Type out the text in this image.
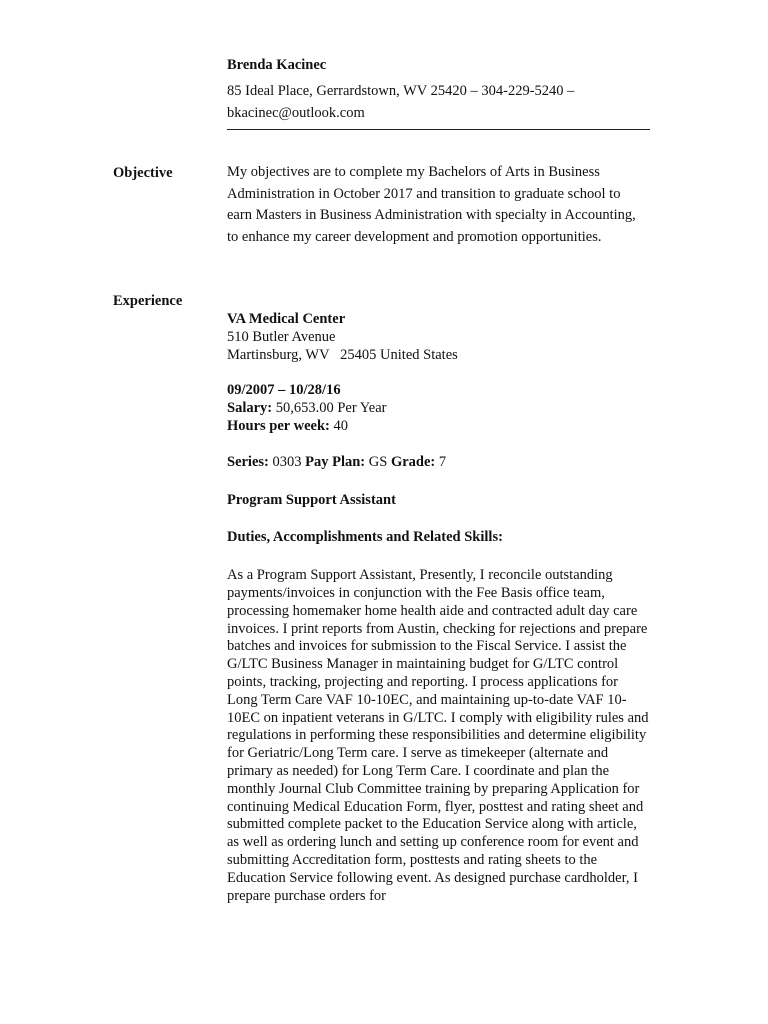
Brenda Kacinec

85 Ideal Place, Gerrardstown, WV 25420 – 304-229-5240 –

bkacinec@outlook.com

Objective	My objectives are to complete my Bachelors of Arts in Business Administration in October 2017 and transition to graduate school to earn Masters in Business Administration with specialty in Accounting, to enhance my career development and promotion opportunities.

Experience

VA Medical Center

510 Butler Avenue

Martinsburg, WV   25405 United States

09/2007 – 10/28/16

Salary: 50,653.00 Per Year

Hours per week: 40

Series: 0303 Pay Plan: GS Grade: 7

Program Support Assistant

Duties, Accomplishments and Related Skills:

As a Program Support Assistant, Presently, I reconcile outstanding payments/invoices in conjunction with the Fee Basis office team, processing homemaker home health aide and contracted adult day care invoices. I print reports from Austin, checking for rejections and prepare batches and invoices for submission to the Fiscal Service. I assist the G/LTC Business Manager in maintaining budget for G/LTC control points, tracking, projecting and reporting. I process applications for Long Term Care VAF 10-10EC, and maintaining up-to-date VAF 10-10EC on inpatient veterans in G/LTC. I comply with eligibility rules and regulations in performing these responsibilities and determine eligibility for Geriatric/Long Term care. I serve as timekeeper (alternate and primary as needed) for Long Term Care. I coordinate and plan the monthly Journal Club Committee training by preparing Application for continuing Medical Education Form, flyer, posttest and rating sheet and submitted complete packet to the Education Service along with article, as well as ordering lunch and setting up conference room for event and submitting Accreditation form, posttests and rating sheets to the Education Service following event. As designed purchase cardholder, I prepare purchase orders for
